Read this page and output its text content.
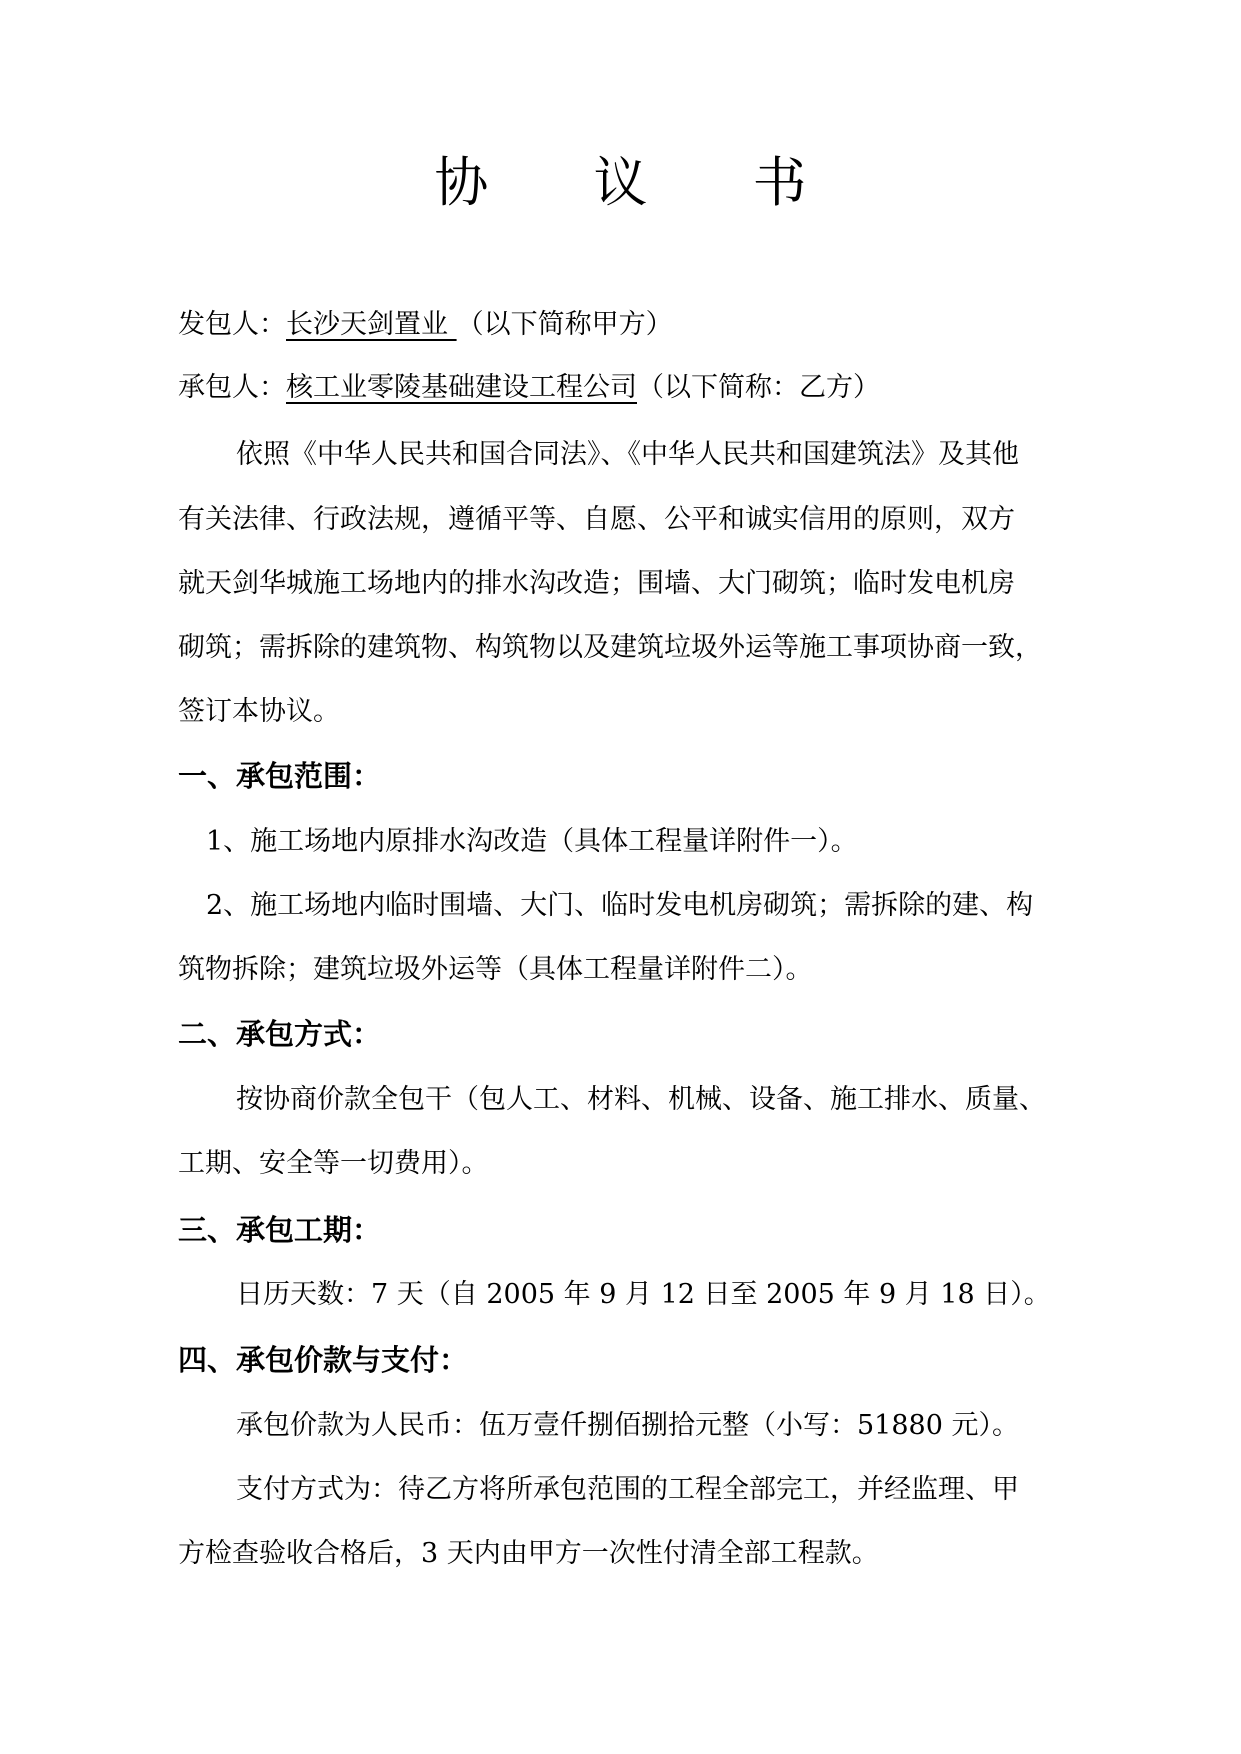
协 议 书
发包人：长沙天剑置业 （以下简称甲方）
承包人：核工业零陵基础建设工程公司（以下简称：乙方）
依照《中华人民共和国合同法》、《中华人民共和国建筑法》及其他
有关法律、行政法规，遵循平等、自愿、公平和诚实信用的原则，双方
就天剑华城施工场地内的排水沟改造；围墙、大门砌筑；临时发电机房
砌筑；需拆除的建筑物、构筑物以及建筑垃圾外运等施工事项协商一致，
签订本协议。
一、承包范围：
1、施工场地内原排水沟改造（具体工程量详附件一）。
2、施工场地内临时围墙、大门、临时发电机房砌筑；需拆除的建、构
筑物拆除；建筑垃圾外运等（具体工程量详附件二）。
二、承包方式：
按协商价款全包干（包人工、材料、机械、设备、施工排水、质量、
工期、安全等一切费用）。
三、承包工期：
日历天数：7 天（自 2005 年 9 月 12 日至 2005 年 9 月 18 日）。
四、承包价款与支付：
承包价款为人民币：伍万壹仟捌佰捌拾元整（小写：51880 元）。
支付方式为：待乙方将所承包范围的工程全部完工，并经监理、甲
方检查验收合格后，3 天内由甲方一次性付清全部工程款。
